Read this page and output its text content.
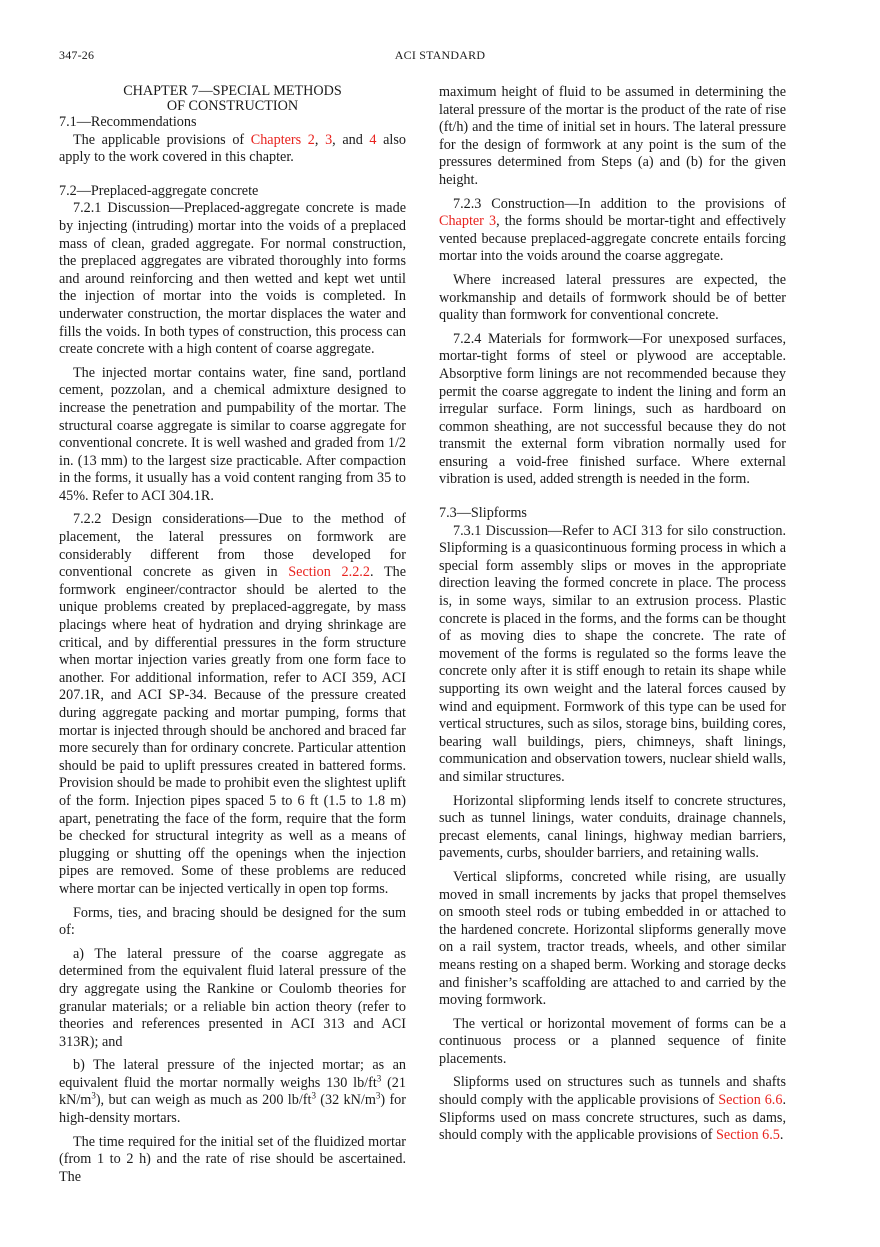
347-26	ACI STANDARD

CHAPTER 7—SPECIAL METHODS

OF CONSTRUCTION

7.1—Recommendations

The applicable provisions of Chapters 2, 3, and 4 also apply to the work covered in this chapter.

7.2—Preplaced-aggregate concrete

7.2.1 Discussion—Preplaced-aggregate concrete is made by injecting (intruding) mortar into the voids of a preplaced mass of clean, graded aggregate. For normal construction, the preplaced aggregates are vibrated thoroughly into forms and around reinforcing and then wetted and kept wet until the injection of mortar into the voids is completed. In underwater construction, the mortar displaces the water and fills the voids. In both types of construction, this process can create concrete with a high content of coarse aggregate.

The injected mortar contains water, fine sand, portland cement, pozzolan, and a chemical admixture designed to increase the penetration and pumpability of the mortar. The structural coarse aggregate is similar to coarse aggregate for conventional concrete. It is well washed and graded from 1/2 in. (13 mm) to the largest size practicable. After compaction in the forms, it usually has a void content ranging from 35 to 45%. Refer to ACI 304.1R.

7.2.2 Design considerations—Due to the method of placement, the lateral pressures on formwork are considerably different from those developed for conventional concrete as given in Section 2.2.2. The formwork engineer/contractor should be alerted to the unique problems created by preplaced-aggregate, by mass placings where heat of hydration and drying shrinkage are critical, and by differential pressures in the form structure when mortar injection varies greatly from one form face to another. For additional information, refer to ACI 359, ACI 207.1R, and ACI SP-34. Because of the pressure created during aggregate packing and mortar pumping, forms that mortar is injected through should be anchored and braced far more securely than for ordinary concrete. Particular attention should be paid to uplift pressures created in battered forms. Provision should be made to prohibit even the slightest uplift of the form. Injection pipes spaced 5 to 6 ft (1.5 to 1.8 m) apart, penetrating the face of the form, require that the form be checked for structural integrity as well as a means of plugging or shutting off the openings when the injection pipes are removed. Some of these problems are reduced where mortar can be injected vertically in open top forms.

Forms, ties, and bracing should be designed for the sum of:

a) The lateral pressure of the coarse aggregate as determined from the equivalent fluid lateral pressure of the dry aggregate using the Rankine or Coulomb theories for granular materials; or a reliable bin action theory (refer to theories and references presented in ACI 313 and ACI 313R); and

b) The lateral pressure of the injected mortar; as an equivalent fluid the mortar normally weighs 130 $lb/ft^3$ (21 $kN/m^3$), but can weigh as much as 200 $lb/ft^3$ (32 $kN/m^3$) for high-density mortars.

The time required for the initial set of the fluidized mortar (from 1 to 2 h) and the rate of rise should be ascertained. The

maximum height of fluid to be assumed in determining the lateral pressure of the mortar is the product of the rate of rise (ft/h) and the time of initial set in hours. The lateral pressure for the design of formwork at any point is the sum of the pressures determined from Steps (a) and (b) for the given height.

7.2.3 Construction—In addition to the provisions of Chapter 3, the forms should be mortar-tight and effectively vented because preplaced-aggregate concrete entails forcing mortar into the voids around the coarse aggregate.

Where increased lateral pressures are expected, the workmanship and details of formwork should be of better quality than formwork for conventional concrete.

7.2.4 Materials for formwork—For unexposed surfaces, mortar-tight forms of steel or plywood are acceptable. Absorptive form linings are not recommended because they permit the coarse aggregate to indent the lining and form an irregular surface. Form linings, such as hardboard on common sheathing, are not successful because they do not transmit the external form vibration normally used for ensuring a void-free finished surface. Where external vibration is used, added strength is needed in the form.

7.3—Slipforms

7.3.1 Discussion—Refer to ACI 313 for silo construction. Slipforming is a quasicontinuous forming process in which a special form assembly slips or moves in the appropriate direction leaving the formed concrete in place. The process is, in some ways, similar to an extrusion process. Plastic concrete is placed in the forms, and the forms can be thought of as moving dies to shape the concrete. The rate of movement of the forms is regulated so the forms leave the concrete only after it is stiff enough to retain its shape while supporting its own weight and the lateral forces caused by wind and equipment. Formwork of this type can be used for vertical structures, such as silos, storage bins, building cores, bearing wall buildings, piers, chimneys, shaft linings, communication and observation towers, nuclear shield walls, and similar structures.

Horizontal slipforming lends itself to concrete structures, such as tunnel linings, water conduits, drainage channels, precast elements, canal linings, highway median barriers, pavements, curbs, shoulder barriers, and retaining walls.

Vertical slipforms, concreted while rising, are usually moved in small increments by jacks that propel themselves on smooth steel rods or tubing embedded in or attached to the hardened concrete. Horizontal slipforms generally move on a rail system, tractor treads, wheels, and other similar means resting on a shaped berm. Working and storage decks and finisher’s scaffolding are attached to and carried by the moving formwork.

The vertical or horizontal movement of forms can be a continuous process or a planned sequence of finite placements.

Slipforms used on structures such as tunnels and shafts should comply with the applicable provisions of Section 6.6. Slipforms used on mass concrete structures, such as dams, should comply with the applicable provisions of Section 6.5.
